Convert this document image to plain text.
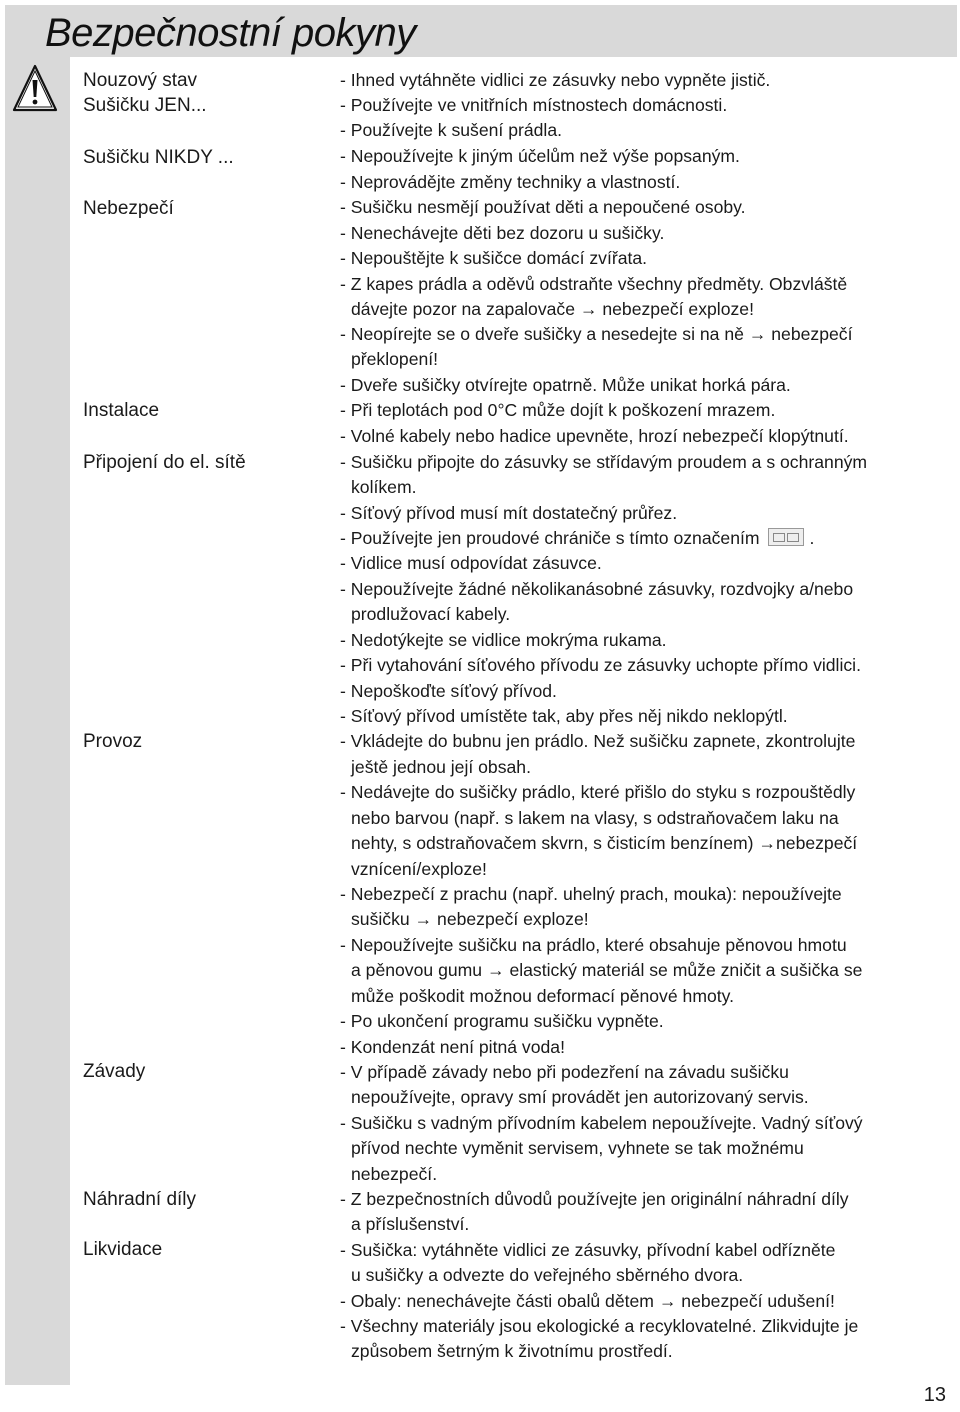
Bezpečnostní pokyny
Nouzový stav
Sušičku JEN...
Sušičku NIKDY ...
Nebezpečí
Instalace
Připojení do el. sítě
Provoz
Závady
Náhradní díly
Likvidace
- Ihned vytáhněte vidlici ze zásuvky nebo vypněte jistič.
- Používejte ve vnitřních místnostech domácnosti.
- Používejte k sušení prádla.
- Nepoužívejte k jiným účelům než výše popsaným.
- Neprovádějte změny techniky a vlastností.
- Sušičku nesmějí používat děti a nepoučené osoby.
- Nenechávejte děti bez dozoru u sušičky.
- Nepouštějte k sušičce domácí zvířata.
- Z kapes prádla a oděvů odstraňte všechny předměty. Obzvláště
dávejte pozor na zapalovače → nebezpečí exploze!
- Neopírejte se o dveře sušičky a nesedejte si na ně → nebezpečí
překlopení!
- Dveře sušičky otvírejte opatrně. Může unikat horká pára.
- Při teplotách pod 0°C může dojít k poškození mrazem.
- Volné kabely nebo hadice upevněte, hrozí nebezpečí klopýtnutí.
- Sušičku připojte do zásuvky se střídavým proudem a s ochranným
kolíkem.
- Síťový přívod musí mít dostatečný průřez.
- Používejte jen proudové chrániče s tímto označením	.
- Vidlice musí odpovídat zásuvce.
- Nepoužívejte žádné několikanásobné zásuvky, rozdvojky a/nebo
prodlužovací kabely.
- Nedotýkejte se vidlice mokrýma rukama.
- Při vytahování síťového přívodu ze zásuvky uchopte přímo vidlici.
- Nepoškoďte síťový přívod.
- Síťový přívod umístěte tak, aby přes něj nikdo neklopýtl.
- Vkládejte do bubnu jen prádlo. Než sušičku zapnete, zkontrolujte
ještě jednou její obsah.
- Nedávejte do sušičky prádlo, které přišlo do styku s rozpouštědly
nebo barvou (např. s lakem na vlasy, s odstraňovačem laku na
nehty, s odstraňovačem skvrn, s čisticím benzínem) →nebezpečí
vznícení/exploze!
- Nebezpečí z prachu (např. uhelný prach, mouka): nepoužívejte
sušičku → nebezpečí exploze!
- Nepoužívejte sušičku na prádlo, které obsahuje pěnovou hmotu
a pěnovou gumu → elastický materiál se může zničit a sušička se
může poškodit možnou deformací pěnové hmoty.
- Po ukončení programu sušičku vypněte.
- Kondenzát není pitná voda!
- V případě závady nebo při podezření na závadu sušičku
nepoužívejte, opravy smí provádět jen autorizovaný servis.
- Sušičku s vadným přívodním kabelem nepoužívejte. Vadný síťový
přívod nechte vyměnit servisem, vyhnete se tak možnému
nebezpečí.
- Z bezpečnostních důvodů používejte jen originální náhradní díly
a příslušenství.
- Sušička: vytáhněte vidlici ze zásuvky, přívodní kabel odřízněte
u sušičky a odvezte do veřejného sběrného dvora.
- Obaly: nenechávejte části obalů dětem → nebezpečí udušení!
- Všechny materiály jsou ekologické a recyklovatelné. Zlikvidujte je
způsobem šetrným k životnímu prostředí.
13
